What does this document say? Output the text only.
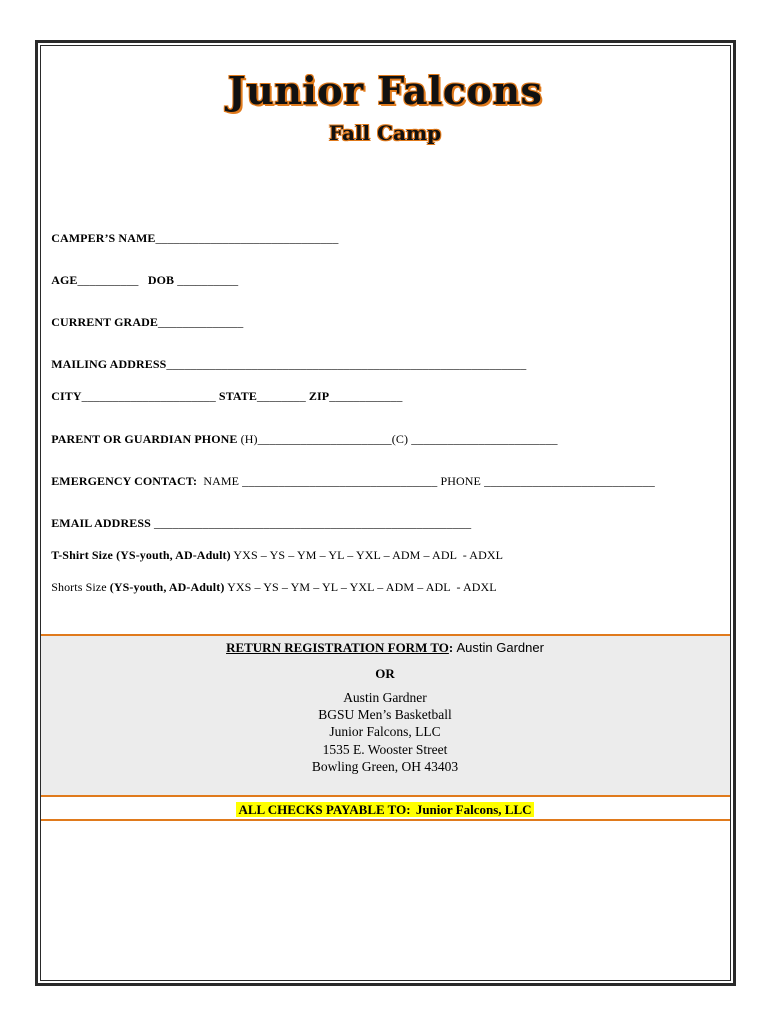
Junior Falcons
Fall Camp

CAMPER’S NAME______________________________

AGE__________ DOB __________

CURRENT GRADE______________

MAILING ADDRESS___________________________________________________________

CITY______________________ STATE________ ZIP____________

PARENT OR GUARDIAN PHONE (H)______________________(C) ________________________

EMERGENCY CONTACT: NAME ________________________________ PHONE ____________________________

EMAIL ADDRESS ____________________________________________________

T-Shirt Size (YS-youth, AD-Adult) YXS – YS – YM – YL – YXL – ADM – ADL  - ADXL

Shorts Size (YS-youth, AD-Adult) YXS – YS – YM – YL – YXL – ADM – ADL  - ADXL

RETURN REGISTRATION FORM TO: Austin Gardner
OR
Austin Gardner
BGSU Men’s Basketball
Junior Falcons, LLC
1535 E. Wooster Street
Bowling Green, OH 43403
ALL CHECKS PAYABLE TO: Junior Falcons, LLC
